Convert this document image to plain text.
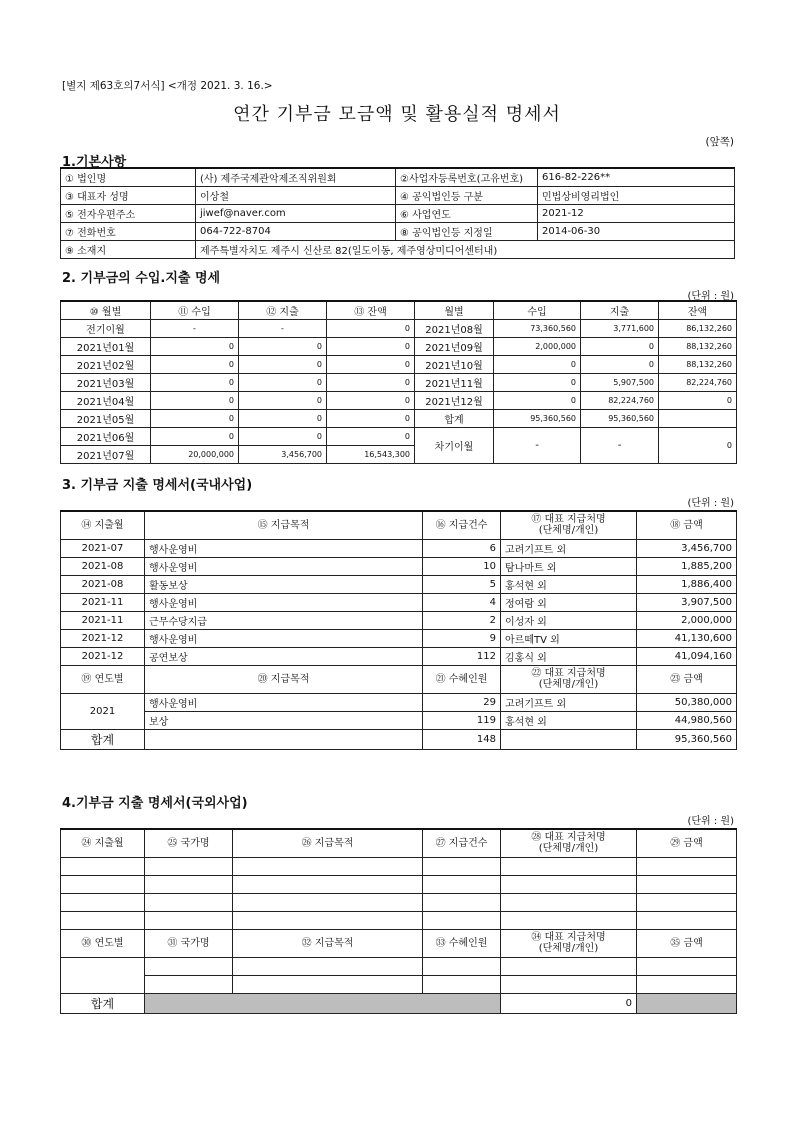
[별지 제63호의7서식] <개정 2021. 3. 16.>
연간 기부금 모금액 및 활용실적 명세서
(앞쪽)
1.기본사항
① 법인명	(사) 제주국제관악제조직위원회	②사업자등록번호(고유번호)	616-82-226**
③ 대표자 성명	이상철	④ 공익법인등 구분	민법상비영리법인
⑤ 전자우편주소	jiwef@naver.com	⑥ 사업연도	2021-12
⑦ 전화번호	064-722-8704	⑧ 공익법인등 지정일	2014-06-30
⑨ 소재지	제주특별자치도 제주시 신산로 82(일도이동, 제주영상미디어센터내)		
2. 기부금의 수입.지출 명세
(단위 : 원)
⑩ 월별	⑪ 수입	⑫ 지출	⑬ 잔액	월별	수입	지출	잔액
전기이월	-	-	0	2021년08월	73,360,560	3,771,600	86,132,260
2021년01월	0	0	0	2021년09월	2,000,000	0	88,132,260
2021년02월	0	0	0	2021년10월	0	0	88,132,260
2021년03월	0	0	0	2021년11월	0	5,907,500	82,224,760
2021년04월	0	0	0	2021년12월	0	82,224,760	0
2021년05월	0	0	0	합계	95,360,560	95,360,560	
2021년06월	0	0	0	차기이월	-	-	0
2021년07월	20,000,000	3,456,700	16,543,300				
3. 기부금 지출 명세서(국내사업)
(단위 : 원)
⑭ 지출월	⑮ 지급목적	⑯ 지급건수	⑰ 대표 지급처명
(단체명/개인)	⑱ 금액
2021-07	행사운영비	6	고려기프트 외	3,456,700
2021-08	행사운영비	10	탐나마트 외	1,885,200
2021-08	활동보상	5	홍석현 외	1,886,400
2021-11	행사운영비	4	정여람 외	3,907,500
2021-11	근무수당지급	2	이성자 외	2,000,000
2021-12	행사운영비	9	아르떼TV 외	41,130,600
2021-12	공연보상	112	김홍식 외	41,094,160
⑲ 연도별	⑳ 지급목적	㉑ 수혜인원	㉒ 대표 지급처명
(단체명/개인)	㉓ 금액
2021	행사운영비	29	고려기프트 외	50,380,000
	보상	119	홍석현 외	44,980,560
합계		148		95,360,560
4.기부금 지출 명세서(국외사업)
(단위 : 원)
㉔ 지출월	㉕ 국가명	㉖ 지급목적	㉗ 지급건수	㉘ 대표 지급처명
(단체명/개인)	㉙ 금액	

㉚ 연도별	㉛ 국가명	㉜ 지급목적	㉝ 수혜인원	㉞ 대표 지급처명
(단체명/개인)	㉟ 금액	

합계				0		
